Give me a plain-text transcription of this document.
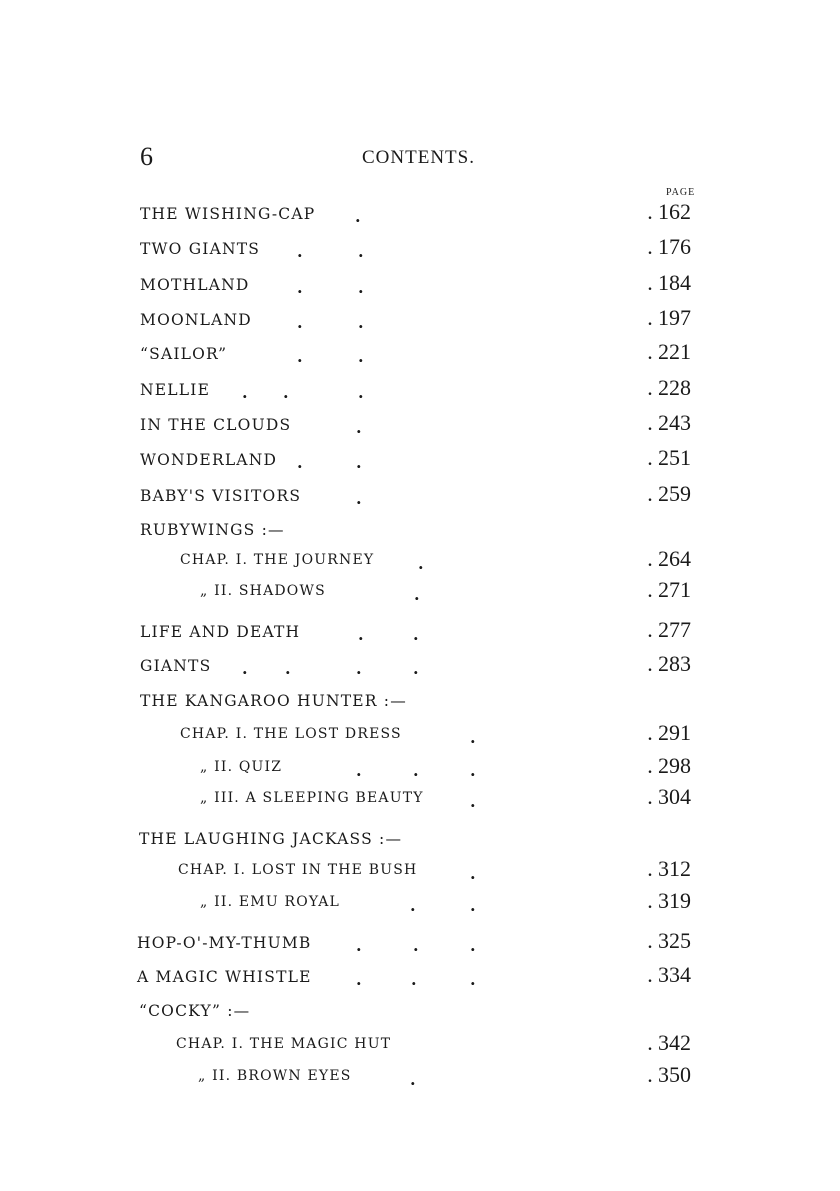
6	CONTENTS.
PAGE
THE WISHING-CAP .	. 162
TWO GIANTS .	.	. 176
MOTHLAND	.	.	. 184
MOONLAND	.	.	. 197
“SAILOR”	.	.	. 221
NELLIE . .	.	. 228
IN THE CLOUDS	.	. 243
WONDERLAND .	.	. 251
BABY'S VISITORS	.	. 259
RUBYWINGS :—
CHAP. I. THE JOURNEY	.	. 264
„ II. SHADOWS	.	. 271
LIFE AND DEATH	.	.	. 277
GIANTS . .	.	.	. 283
THE KANGAROO HUNTER :—
CHAP. I. THE LOST DRESS	.	. 291
„ II. QUIZ	.	.	.	. 298
„ III. A SLEEPING BEAUTY	.	. 304
THE LAUGHING JACKASS :—
CHAP. I. LOST IN THE BUSH	.	. 312
„ II. EMU ROYAL	.	.	. 319
HOP-O'-MY-THUMB	.	.	.	. 325
A MAGIC WHISTLE	.	.	.	. 334
“COCKY” :—
CHAP. I. THE MAGIC HUT	. 342
„ II. BROWN EYES	.	. 350
